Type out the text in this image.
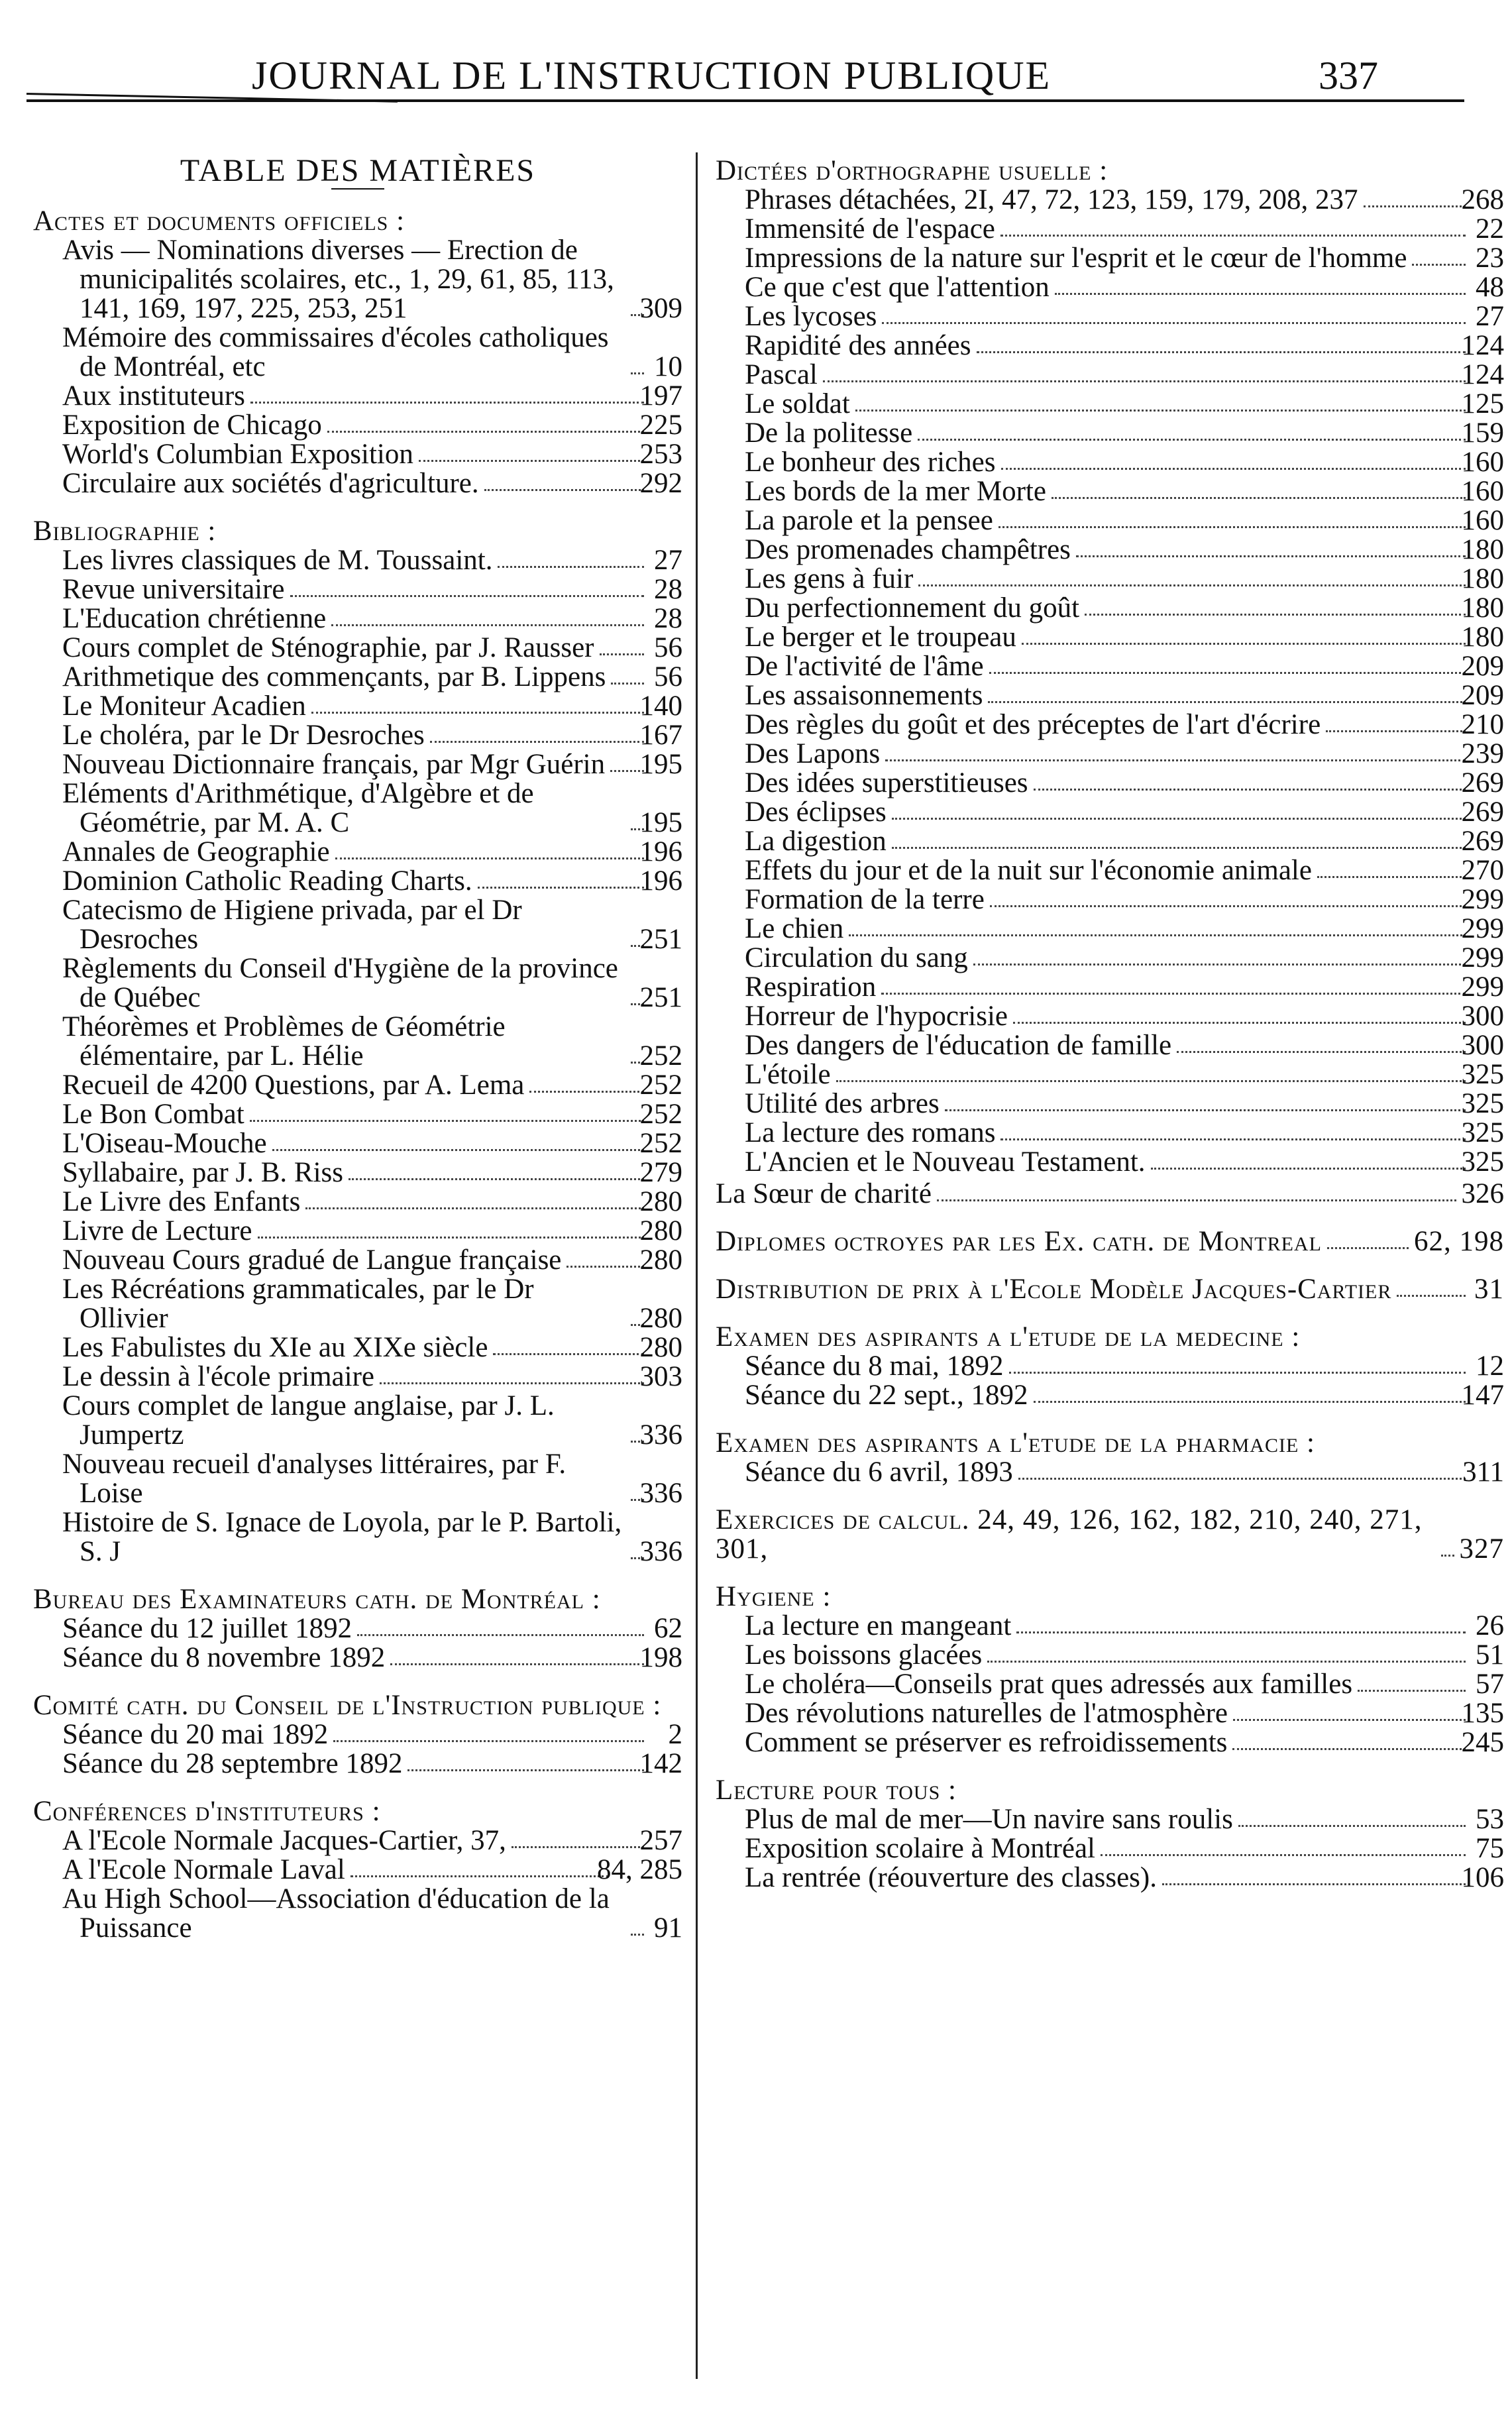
JOURNAL DE L'INSTRUCTION PUBLIQUE	337
TABLE DES MATIÈRES
Actes et documents officiels :
Avis — Nominations diverses — Erection de municipalités scolaires, etc., 1, 29, 61, 85, 113, 141, 169, 197, 225, 253, 251	309
Mémoire des commissaires d'écoles catholiques de Montréal, etc	10
Aux instituteurs	197
Exposition de Chicago	225
World's Columbian Exposition	253
Circulaire aux sociétés d'agriculture.	292
Bibliographie :
Les livres classiques de M. Toussaint.	27
Revue universitaire	28
L'Education chrétienne	28
Cours complet de Sténographie, par J. Rausser 56
Arithmetique des commençants, par B. Lippens 56
Le Moniteur Acadien	140
Le choléra, par le Dr Desroches	167
Nouveau Dictionnaire français, par Mgr Guérin 195
Eléments d'Arithmétique, d'Algèbre et de Géométrie, par M. A. C	195
Annales de Geographie	196
Dominion Catholic Reading Charts.	196
Catecismo de Higiene privada, par el Dr Desroches	251
Règlements du Conseil d'Hygiène de la province de Québec	251
Théorèmes et Problèmes de Géométrie élémentaire, par L. Hélie	252
Recueil de 4200 Questions, par A. Lema	252
Le Bon Combat	252
L'Oiseau-Mouche	252
Syllabaire, par J. B. Riss	279
Le Livre des Enfants	280
Livre de Lecture	280
Nouveau Cours gradué de Langue française	280
Les Récréations grammaticales, par le Dr Ollivier	280
Les Fabulistes du XIe au XIXe siècle	280
Le dessin à l'école primaire	303
Cours complet de langue anglaise, par J. L. Jumpertz	336
Nouveau recueil d'analyses littéraires, par F. Loise	336
Histoire de S. Ignace de Loyola, par le P. Bartoli, S. J	336
Bureau des Examinateurs cath. de Montréal :
Séance du 12 juillet 1892	62
Séance du 8 novembre 1892	198
Comité cath. du Conseil de l'Instruction publique :
Séance du 20 mai 1892	2
Séance du 28 septembre 1892	142
Conférences d'instituteurs :
A l'Ecole Normale Jacques-Cartier, 37,	257
A l'Ecole Normale Laval	84, 285
Au High School—Association d'éducation de la Puissance	91
Dictées d'orthographe usuelle :
Phrases détachées, 2I, 47, 72, 123, 159, 179, 208, 237	268
Immensité de l'espace	22
Impressions de la nature sur l'esprit et le cœur de l'homme 23
Ce que c'est que l'attention	48
Les lycoses	27
Rapidité des années	124
Pascal	124
Le soldat	125
De la politesse	159
Le bonheur des riches	160
Les bords de la mer Morte	160
La parole et la pensee	160
Des promenades champêtres	180
Les gens à fuir	180
Du perfectionnement du goût	180
Le berger et le troupeau	180
De l'activité de l'âme	209
Les assaisonnements	209
Des règles du goût et des préceptes de l'art d'écrire	210
Des Lapons	239
Des idées superstitieuses	269
Des éclipses	269
La digestion	269
Effets du jour et de la nuit sur l'économie animale	270
Formation de la terre	299
Le chien	299
Circulation du sang	299
Respiration	299
Horreur de l'hypocrisie	300
Des dangers de l'éducation de famille	300
L'étoile	325
Utilité des arbres	325
La lecture des romans	325
L'Ancien et le Nouveau Testament.	325
La Sœur de charité	326
Diplomes octroyes par les Ex. cath. de Montreal	62, 198
Distribution de prix à l'Ecole Modèle Jacques-Cartier	31
Examen des aspirants a l'etude de la medecine :
Séance du 8 mai, 1892	12
Séance du 22 sept., 1892	147
Examen des aspirants a l'etude de la pharmacie :
Séance du 6 avril, 1893	311
Exercices de calcul. 24, 49, 126, 162, 182, 210, 240, 271, 301,	327
Hygiene :
La lecture en mangeant	26
Les boissons glacées	51
Le choléra—Conseils prat ques adressés aux familles	57
Des révolutions naturelles de l'atmosphère	135
Comment se préserver es refroidissements	245
Lecture pour tous :
Plus de mal de mer—Un navire sans roulis	53
Exposition scolaire à Montréal	75
La rentrée (réouverture des classes).	106
